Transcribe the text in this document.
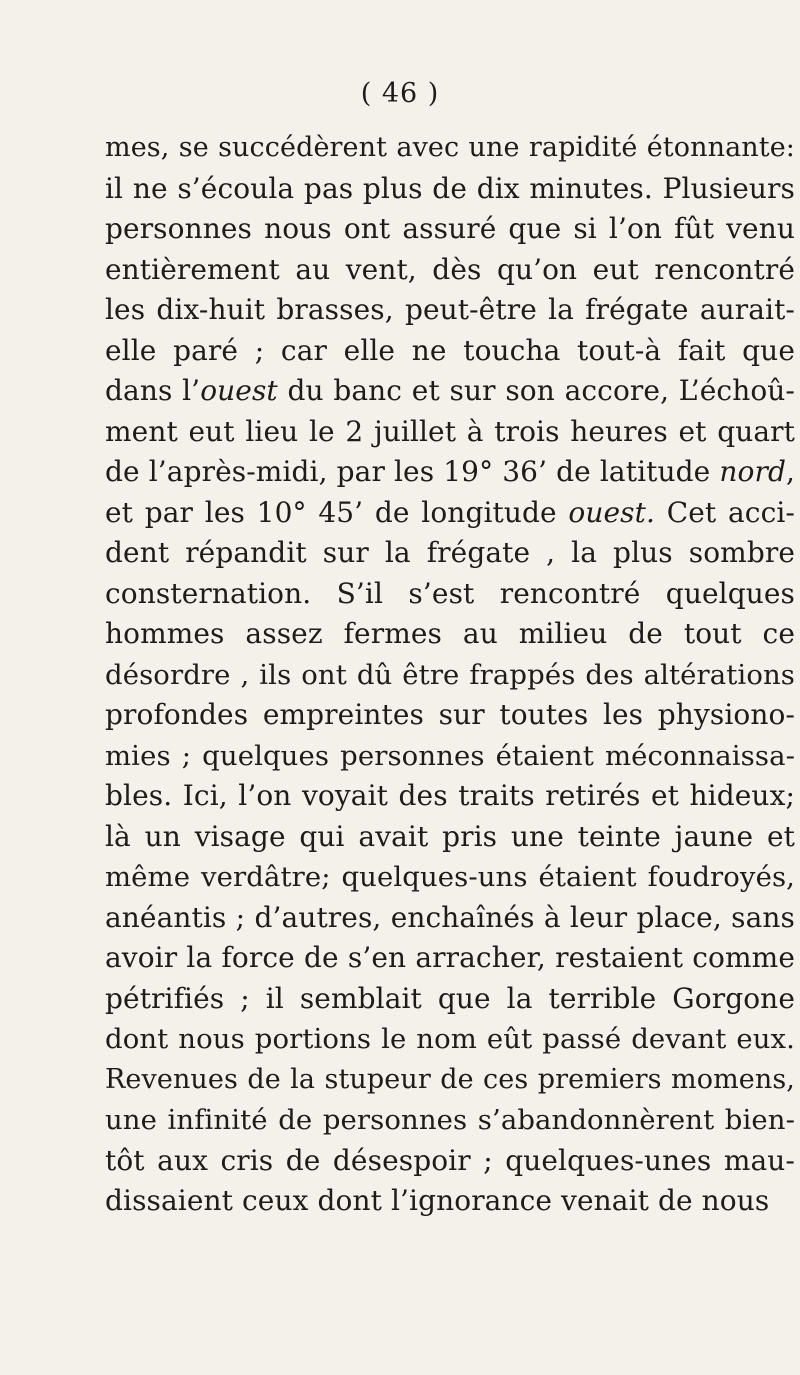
( 46 )
mes, se succédèrent avec une rapidité étonnante:
il ne s’écoula pas plus de dix minutes. Plusieurs
personnes nous ont assuré que si l’on fût venu
entièrement au vent, dès qu’on eut rencontré
les dix-huit brasses, peut-être la frégate aurait-
elle paré ; car elle ne toucha tout-à fait que
dans l’ouest du banc et sur son accore, L’échoû-
ment eut lieu le 2 juillet à trois heures et quart
de l’après-midi, par les 19° 36’ de latitude nord,
et par les 10° 45’ de longitude ouest. Cet acci-
dent répandit sur la frégate , la plus sombre
consternation. S’il s’est rencontré quelques
hommes assez fermes au milieu de tout ce
désordre , ils ont dû être frappés des altérations
profondes empreintes sur toutes les physiono-
mies ; quelques personnes étaient méconnaissa-
bles. Ici, l’on voyait des traits retirés et hideux;
là un visage qui avait pris une teinte jaune et
même verdâtre; quelques-uns étaient foudroyés,
anéantis ; d’autres, enchaînés à leur place, sans
avoir la force de s’en arracher, restaient comme
pétrifiés ; il semblait que la terrible Gorgone
dont nous portions le nom eût passé devant eux.
Revenues de la stupeur de ces premiers momens,
une infinité de personnes s’abandonnèrent bien-
tôt aux cris de désespoir ; quelques-unes mau-
dissaient ceux dont l’ignorance venait de nous
